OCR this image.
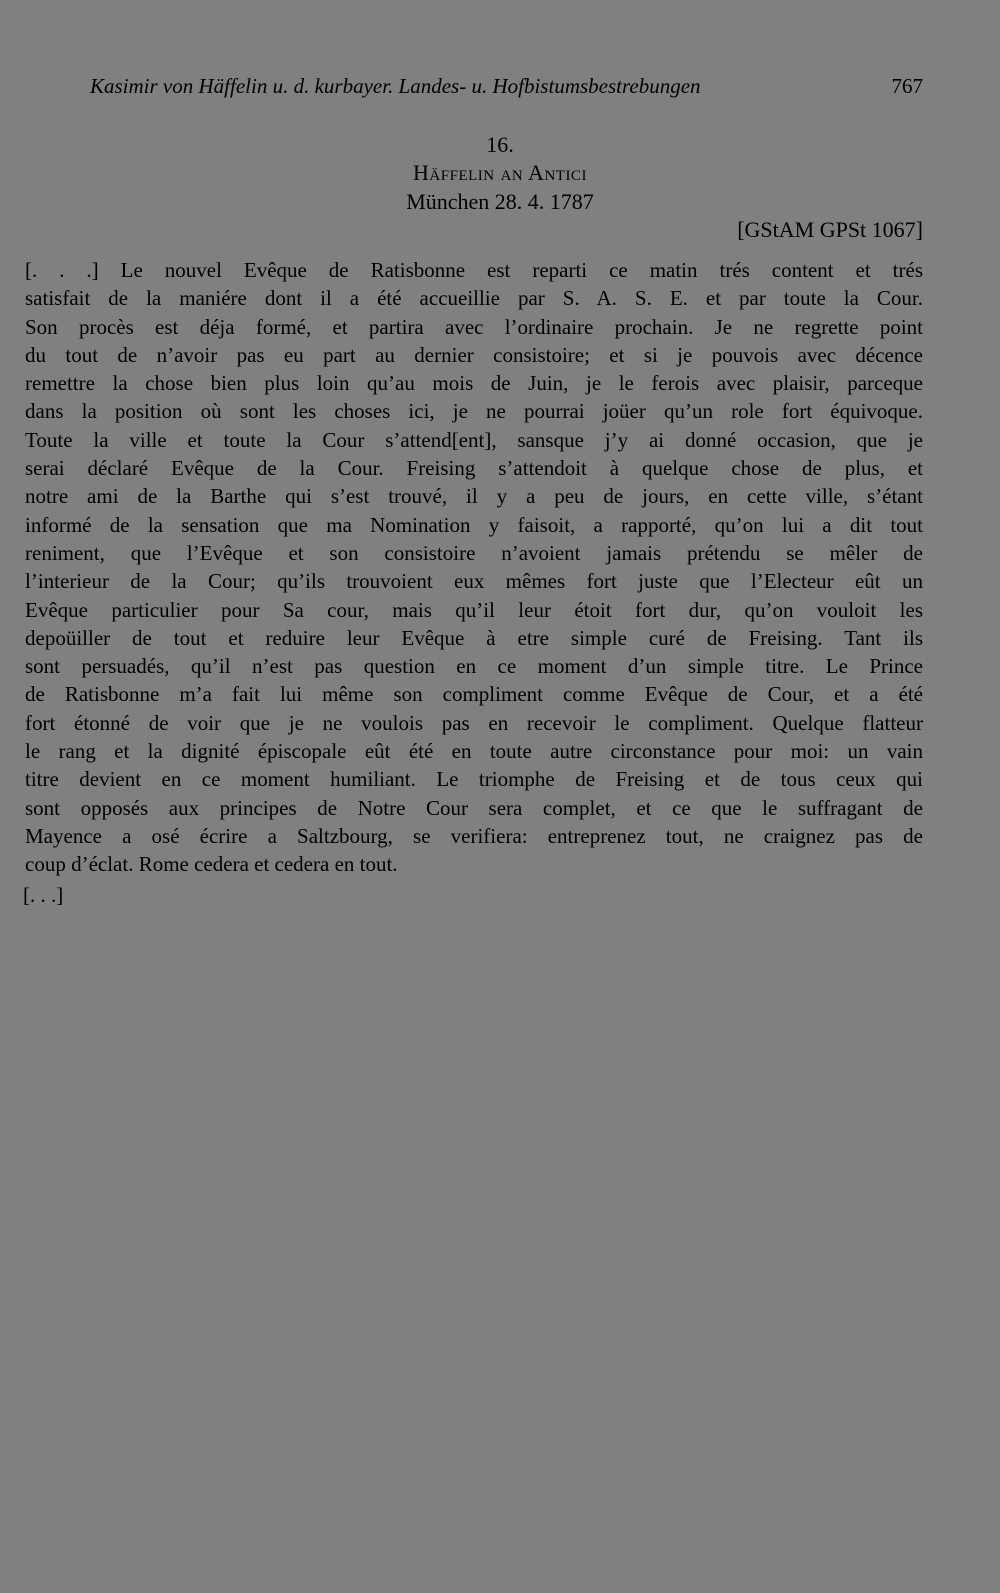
Kasimir von Häffelin u. d. kurbayer. Landes- u. Hofbistumsbestrebungen	767
16.
Häffelin an Antici
München 28. 4. 1787
[GStAM GPSt 1067]
[. . .] Le nouvel Evêque de Ratisbonne est reparti ce matin trés content et trés
satisfait de la maniére dont il a été accueillie par S. A. S. E. et par toute la Cour.
Son procès est déja formé, et partira avec l’ordinaire prochain. Je ne regrette point
du tout de n’avoir pas eu part au dernier consistoire; et si je pouvois avec décence
remettre la chose bien plus loin qu’au mois de Juin, je le ferois avec plaisir, parceque
dans la position où sont les choses ici, je ne pourrai joüer qu’un role fort équivoque.
Toute la ville et toute la Cour s’attend[ent], sansque j’y ai donné occasion, que je
serai déclaré Evêque de la Cour. Freising s’attendoit à quelque chose de plus, et
notre ami de la Barthe qui s’est trouvé, il y a peu de jours, en cette ville, s’étant
informé de la sensation que ma Nomination y faisoit, a rapporté, qu’on lui a dit tout
reniment, que l’Evêque et son consistoire n’avoient jamais prétendu se mêler de
l’interieur de la Cour; qu’ils trouvoient eux mêmes fort juste que l’Electeur eût un
Evêque particulier pour Sa cour, mais qu’il leur étoit fort dur, qu’on vouloit les
depoüiller de tout et reduire leur Evêque à etre simple curé de Freising. Tant ils
sont persuadés, qu’il n’est pas question en ce moment d’un simple titre. Le Prince
de Ratisbonne m’a fait lui même son compliment comme Evêque de Cour, et a été
fort étonné de voir que je ne voulois pas en recevoir le compliment. Quelque flatteur
le rang et la dignité épiscopale eût été en toute autre circonstance pour moi: un vain
titre devient en ce moment humiliant. Le triomphe de Freising et de tous ceux qui
sont opposés aux principes de Notre Cour sera complet, et ce que le suffragant de
Mayence a osé écrire a Saltzbourg, se verifiera: entreprenez tout, ne craignez pas de
coup d’éclat. Rome cedera et cedera en tout.
[. . .]
